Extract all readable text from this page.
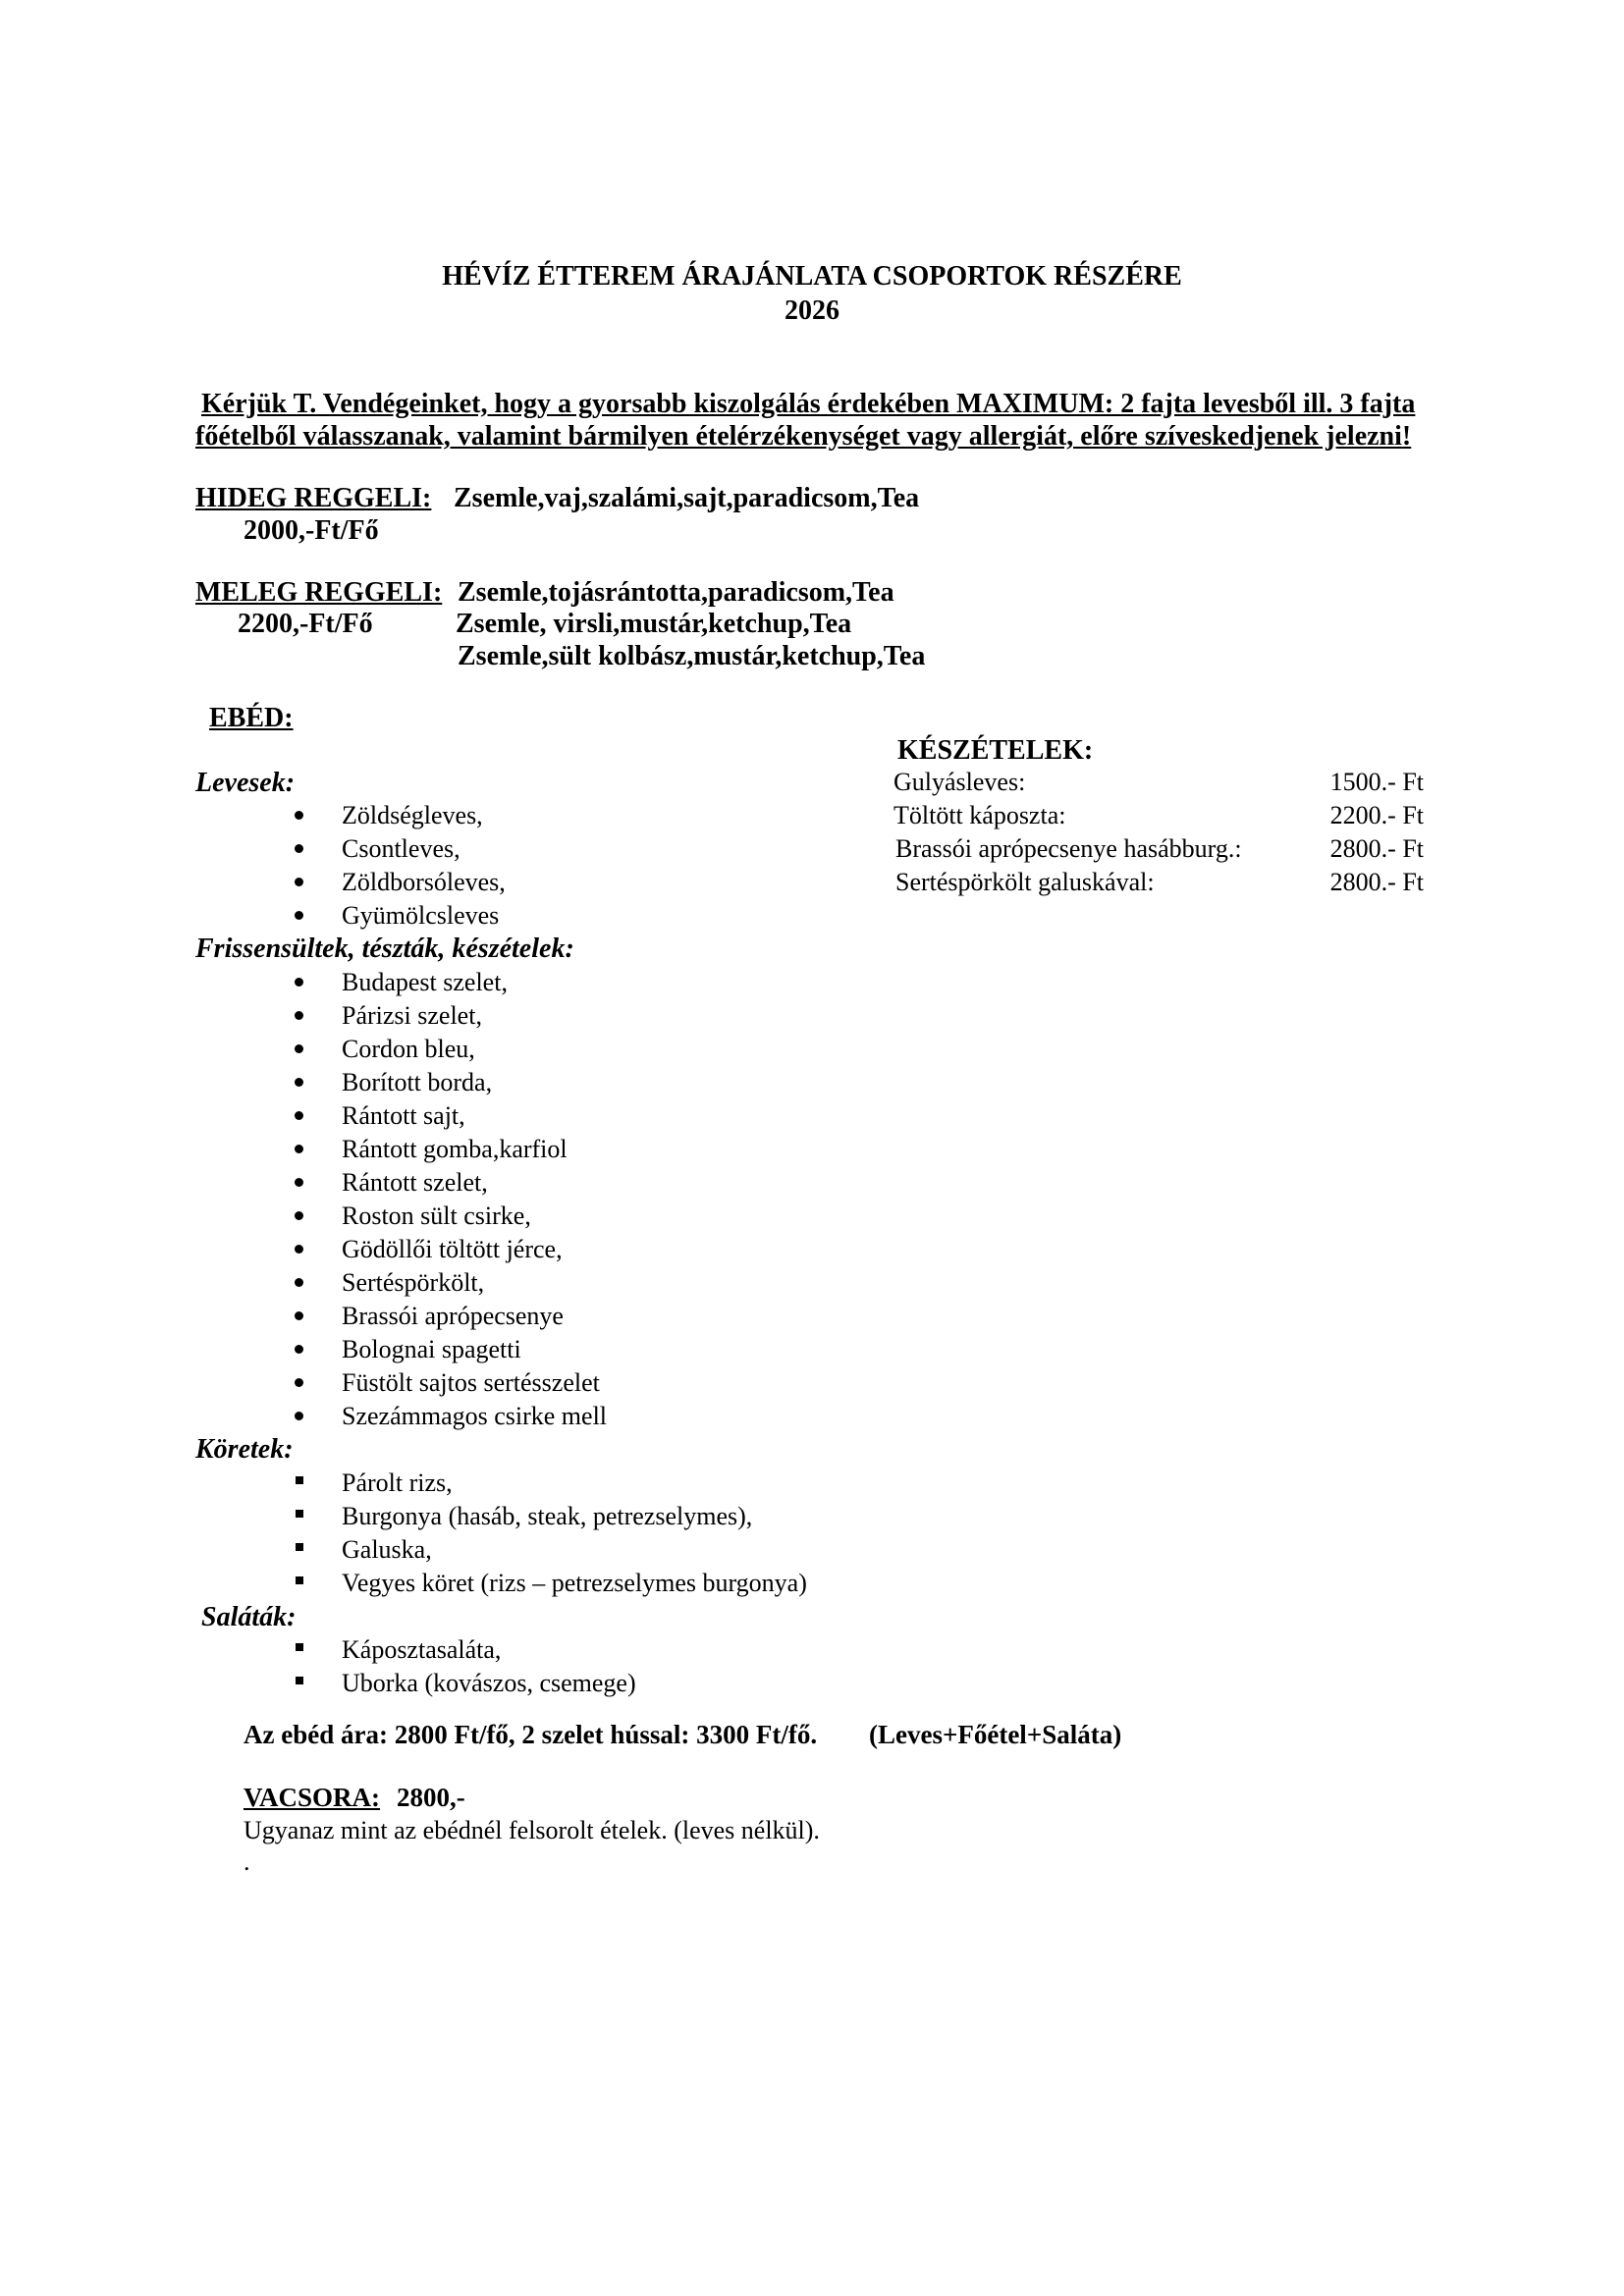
HÉVÍZ ÉTTEREM ÁRAJÁNLATA CSOPORTOK RÉSZÉRE
2026
Kérjük T. Vendégeinket, hogy a gyorsabb kiszolgálás érdekében MAXIMUM: 2 fajta levesből ill. 3 fajta
főételből válasszanak, valamint bármilyen ételérzékenységet vagy allergiát, előre szíveskedjenek jelezni!
HIDEG REGGELI: Zsemle,vaj,szalámi,sajt,paradicsom,Tea
2000,-Ft/Fő
MELEG REGGELI: Zsemle,tojásrántotta,paradicsom,Tea
2200,-Ft/Fő	Zsemle, virsli,mustár,ketchup,Tea
Zsemle,sült kolbász,mustár,ketchup,Tea
EBÉD:
KÉSZÉTELEK:
Gulyásleves:	1500.- Ft
Töltött káposzta:	2200.- Ft
Brassói aprópecsenye hasábburg.:	2800.- Ft
Sertéspörkölt galuskával:	2800.- Ft
Levesek:
Zöldségleves,
Csontleves,
Zöldborsóleves,
Gyümölcsleves
Frissensültek, tészták, készételek:
Budapest szelet,
Párizsi szelet,
Cordon bleu,
Borított borda,
Rántott sajt,
Rántott gomba,karfiol
Rántott szelet,
Roston sült csirke,
Gödöllői töltött jérce,
Sertéspörkölt,
Brassói aprópecsenye
Bolognai spagetti
Füstölt sajtos sertésszelet
Szezámmagos csirke mell
Köretek:
Párolt rizs,
Burgonya (hasáb, steak, petrezselymes),
Galuska,
Vegyes köret (rizs – petrezselymes burgonya)
Saláták:
Káposztasaláta,
Uborka (kovászos, csemege)
Az ebéd ára: 2800 Ft/fő, 2 szelet hússal: 3300 Ft/fő. (Leves+Főétel+Saláta)
VACSORA: 2800,-
Ugyanaz mint az ebédnél felsorolt ételek. (leves nélkül).
.
